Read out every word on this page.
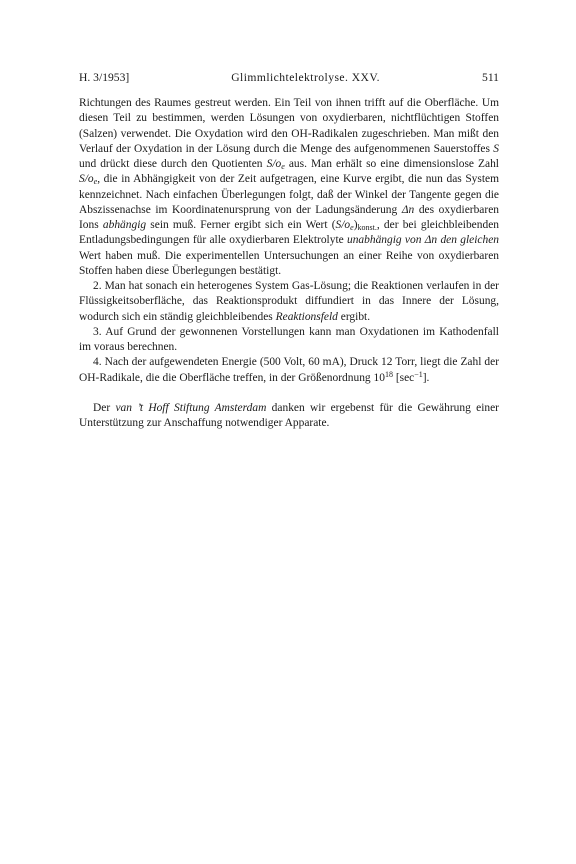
H. 3/1953]	Glimmlichtelektrolyse. XXV.	511

Richtungen des Raumes gestreut werden. Ein Teil von ihnen trifft auf die Oberfläche. Um diesen Teil zu bestimmen, werden Lösungen von oxydierbaren, nichtflüchtigen Stoffen (Salzen) verwendet. Die Oxydation wird den OH-Radikalen zugeschrieben. Man mißt den Verlauf der Oxydation in der Lösung durch die Menge des aufgenommenen Sauerstoffes S und drückt diese durch den Quotienten $S/o_e$ aus. Man erhält so eine dimensionslose Zahl $S/o_e$, die in Abhängigkeit von der Zeit aufgetragen, eine Kurve ergibt, die nun das System kennzeichnet. Nach einfachen Überlegungen folgt, daß der Winkel der Tangente gegen die Abszissenachse im Koordinatenursprung von der Ladungsänderung Δn des oxydierbaren Ions abhängig sein muß. Ferner ergibt sich ein Wert $(S/o_e)_{konst.}$, der bei gleichbleibenden Entladungsbedingungen für alle oxydierbaren Elektrolyte unabhängig von Δn den gleichen Wert haben muß. Die experimentellen Untersuchungen an einer Reihe von oxydierbaren Stoffen haben diese Überlegungen bestätigt.

2. Man hat sonach ein heterogenes System Gas-Lösung; die Reaktionen verlaufen in der Flüssigkeitsoberfläche, das Reaktionsprodukt diffundiert in das Innere der Lösung, wodurch sich ein ständig gleichbleibendes Reaktionsfeld ergibt.

3. Auf Grund der gewonnenen Vorstellungen kann man Oxydationen im Kathodenfall im voraus berechnen.

4. Nach der aufgewendeten Energie (500 Volt, 60 mA), Druck 12 Torr, liegt die Zahl der OH-Radikale, die die Oberfläche treffen, in der Größenordnung $10^{18}$ $[\sec^{-1}]$.

Der van ’t Hoff Stiftung Amsterdam danken wir ergebenst für die Gewährung einer Unterstützung zur Anschaffung notwendiger Apparate.
